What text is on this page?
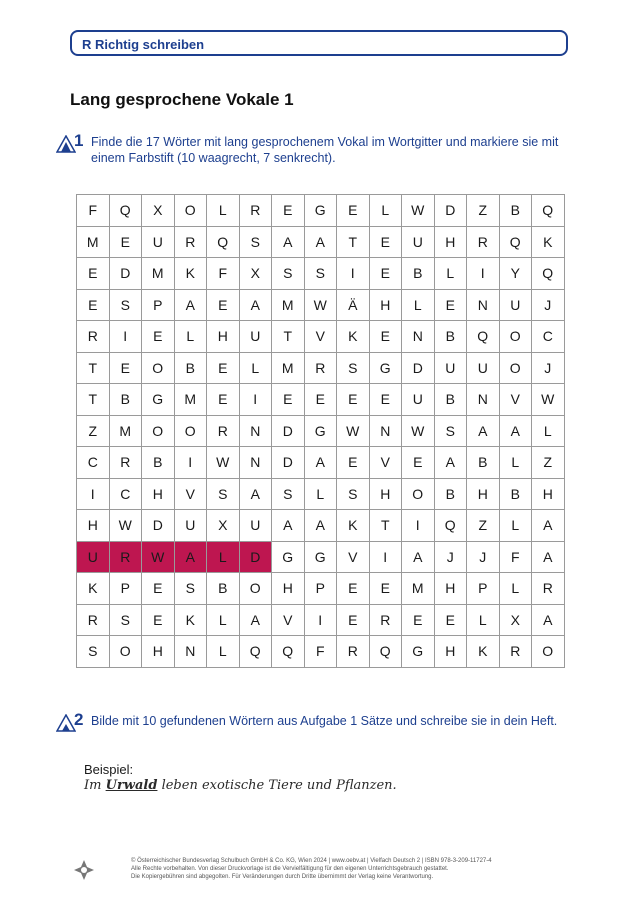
R Richtig schreiben
Lang gesprochene Vokale 1
1 Finde die 17 Wörter mit lang gesprochenem Vokal im Wortgitter und markiere sie mit einem Farbstift (10 waagrecht, 7 senkrecht).
F	Q	X	O	L	R	E	G	E	L	W	D	Z	B	Q
M	E	U	R	Q	S	A	A	T	E	U	H	R	Q	K
E	D	M	K	F	X	S	S	I	E	B	L	I	Y	Q
E	S	P	A	E	A	M	W	Ä	H	L	E	N	U	J
R	I	E	L	H	U	T	V	K	E	N	B	Q	O	C
T	E	O	B	E	L	M	R	S	G	D	U	U	O	J
T	B	G	M	E	I	E	E	E	E	U	B	N	V	W
Z	M	O	O	R	N	D	G	W	N	W	S	A	A	L
C	R	B	I	W	N	D	A	E	V	E	A	B	L	Z
I	C	H	V	S	A	S	L	S	H	O	B	H	B	H
H	W	D	U	X	U	A	A	K	T	I	Q	Z	L	A
U	R	W	A	L	D	G	G	V	I	A	J	J	F	A
K	P	E	S	B	O	H	P	E	E	M	H	P	L	R
R	S	E	K	L	A	V	I	E	R	E	E	L	X	A
S	O	H	N	L	Q	Q	F	R	Q	G	H	K	R	O
2 Bilde mit 10 gefundenen Wörtern aus Aufgabe 1 Sätze und schreibe sie in dein Heft.
Beispiel:
Im Urwald leben exotische Tiere und Pflanzen.
© Österreichischer Bundesverlag Schulbuch GmbH & Co. KG, Wien 2024 | www.oebv.at | Vielfach Deutsch 2 | ISBN 978-3-209-11727-4
Alle Rechte vorbehalten. Von dieser Druckvorlage ist die Vervielfältigung für den eigenen Unterrichtsgebrauch gestattet.
Die Kopiergebühren sind abgegolten. Für Veränderungen durch Dritte übernimmt der Verlag keine Verantwortung.
